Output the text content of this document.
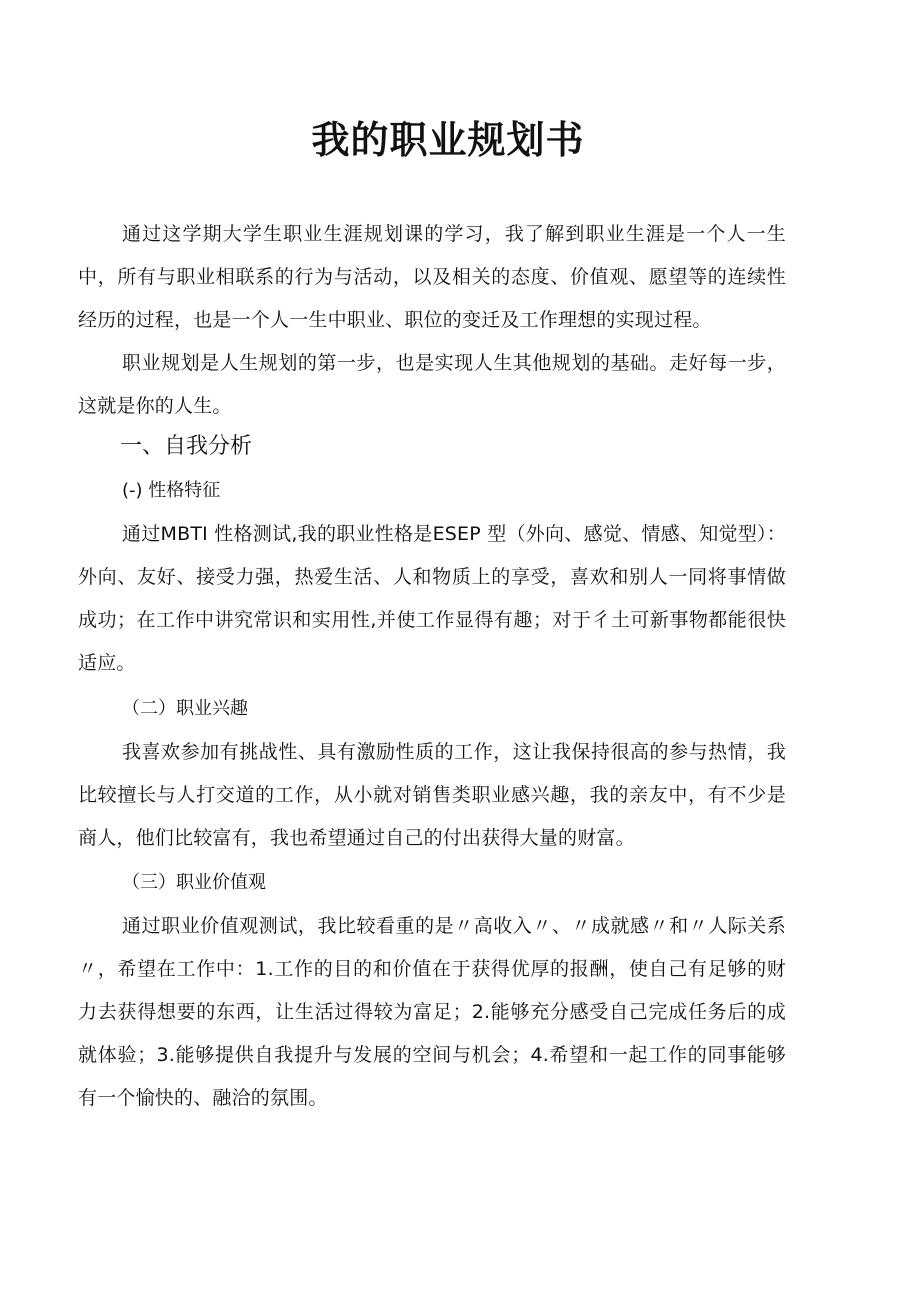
我的职业规划书

通过这学期大学生职业生涯规划课的学习，我了解到职业生涯是一个人一生中，所有与职业相联系的行为与活动，以及相关的态度、价值观、愿望等的连续性经历的过程，也是一个人一生中职业、职位的变迁及工作理想的实现过程。

职业规划是人生规划的第一步，也是实现人生其他规划的基础。走好每一步，这就是你的人生。

一、自我分析
(-) 性格特征

通过MBTI 性格测试,我的职业性格是ESEP 型（外向、感觉、情感、知觉型）：外向、友好、接受力强，热爱生活、人和物质上的享受，喜欢和别人一同将事情做成功；在工作中讲究常识和实用性,并使工作显得有趣；对于彳土可新事物都能很快适应。

（二）职业兴趣

我喜欢参加有挑战性、具有激励性质的工作，这让我保持很高的参与热情，我比较擅长与人打交道的工作，从小就对销售类职业感兴趣，我的亲友中，有不少是商人，他们比较富有，我也希望通过自己的付出获得大量的财富。

（三）职业价值观

通过职业价值观测试，我比较看重的是〃高收入〃、〃成就感〃和〃人际关系〃，希望在工作中：1.工作的目的和价值在于获得优厚的报酬，使自己有足够的财力去获得想要的东西，让生活过得较为富足；2.能够充分感受自己完成任务后的成就体验；3.能够提供自我提升与发展的空间与机会；4.希望和一起工作的同事能够有一个愉快的、融洽的氛围。
